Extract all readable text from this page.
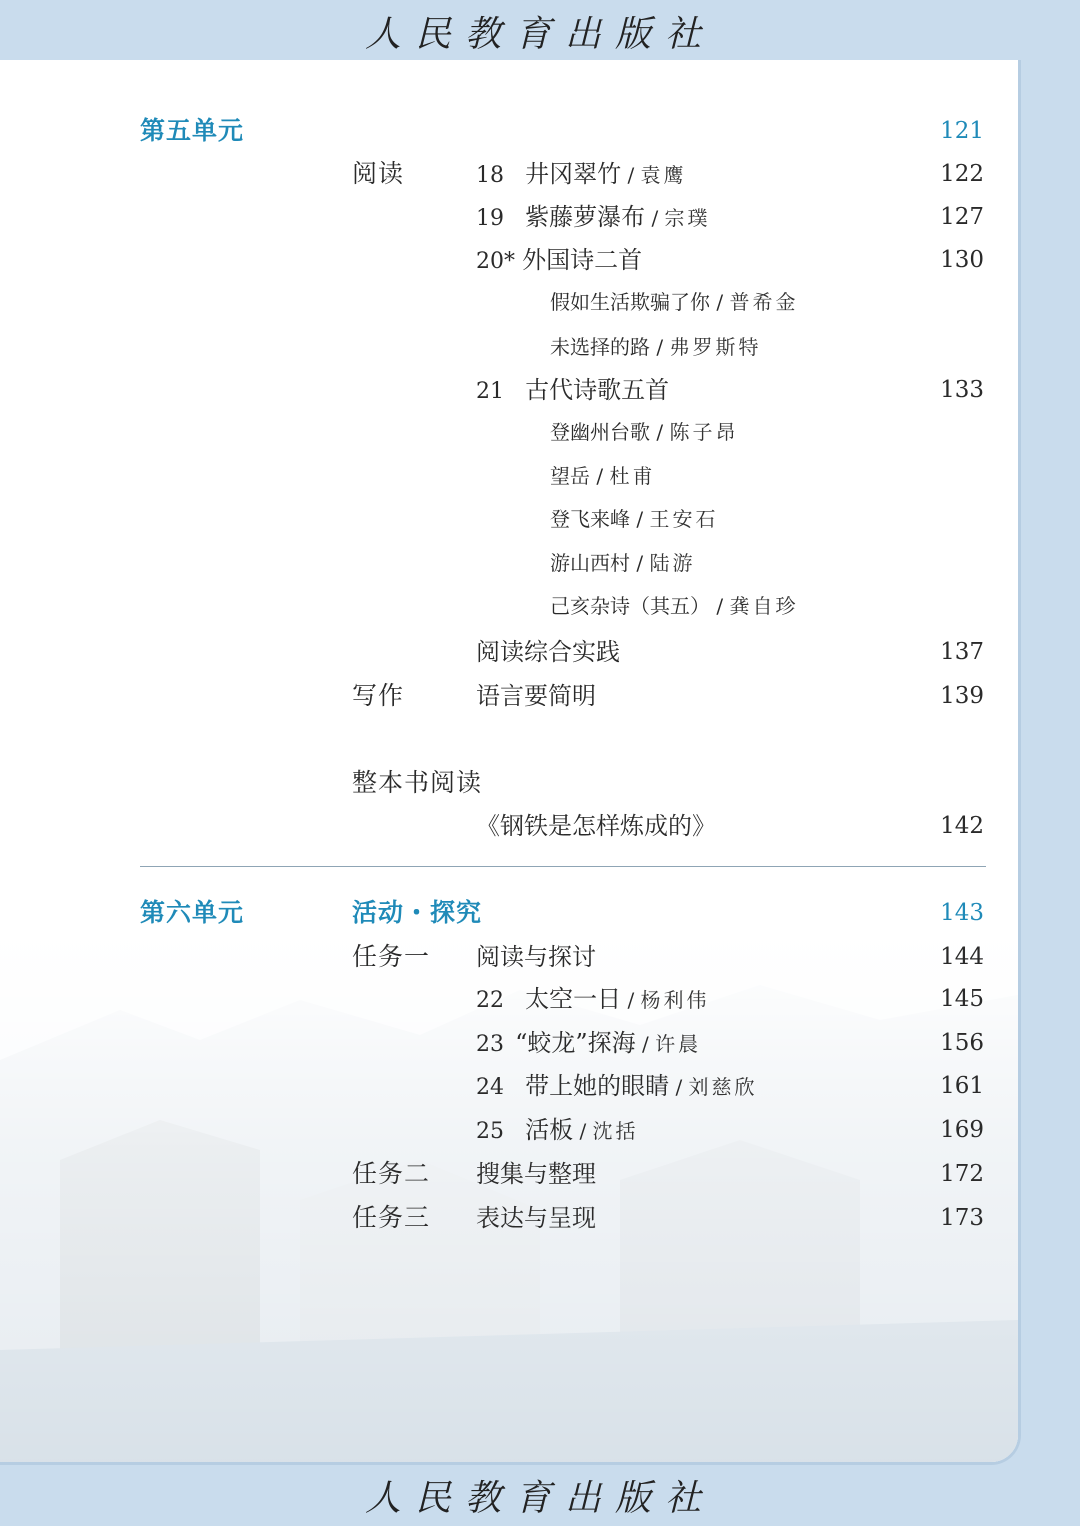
人民教育出版社
第五单元	121
阅读	18 井冈翠竹 / 袁鹰	122
19 紫藤萝瀑布 / 宗璞	127
20* 外国诗二首	130
假如生活欺骗了你 / 普希金
未选择的路 / 弗罗斯特
21 古代诗歌五首	133
登幽州台歌 / 陈子昂
望岳 / 杜甫
登飞来峰 / 王安石
游山西村 / 陆游
己亥杂诗（其五） / 龚自珍
阅读综合实践	137
写作	语言要简明	139
整本书阅读
《钢铁是怎样炼成的》	142
第六单元	活动・探究	143
任务一 阅读与探讨	144
22 太空一日 / 杨利伟	145
23 “蛟龙”探海 / 许晨	156
24 带上她的眼睛 / 刘慈欣	161
25 活板 / 沈括	169
任务二 搜集与整理	172
任务三 表达与呈现	173
人民教育出版社
